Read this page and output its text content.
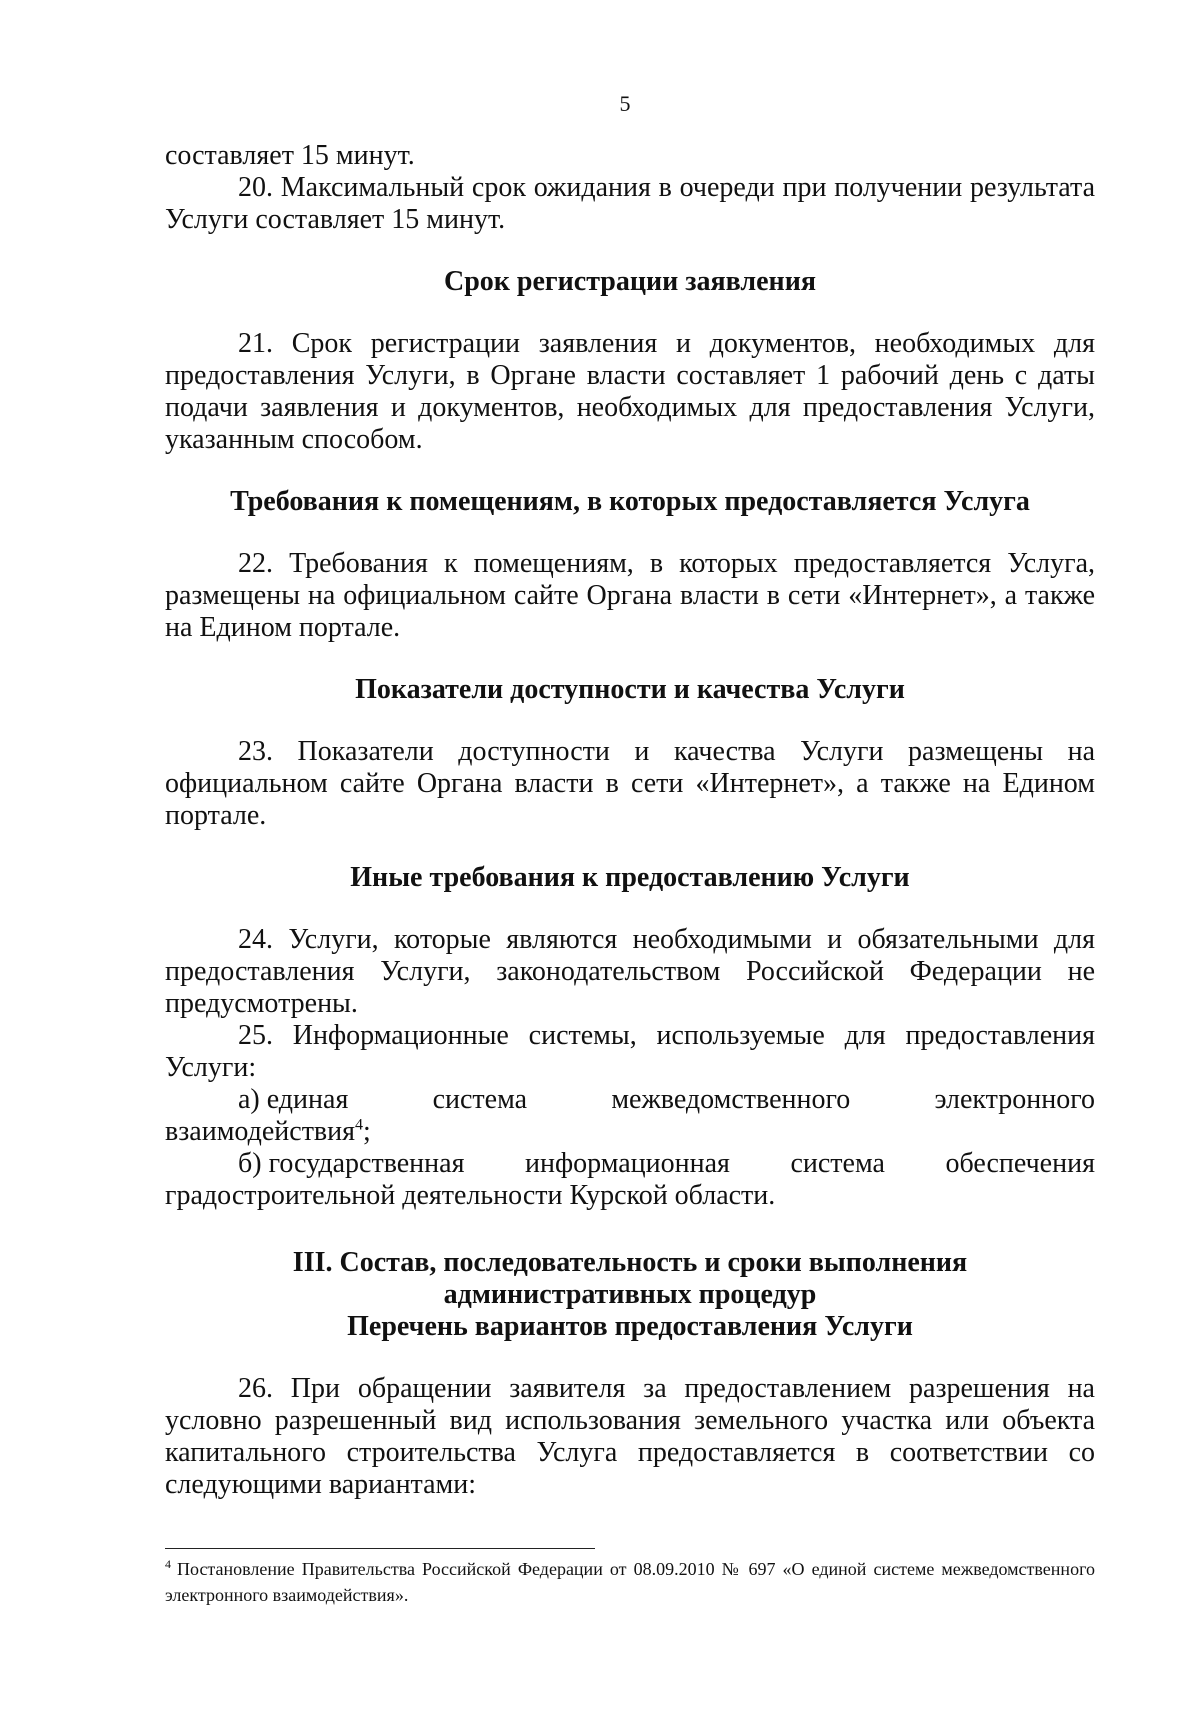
5

составляет 15 минут.

20. Максимальный срок ожидания в очереди при получении результата Услуги составляет 15 минут.

Срок регистрации заявления

21. Срок регистрации заявления и документов, необходимых для предоставления Услуги, в Органе власти составляет 1 рабочий день с даты подачи заявления и документов, необходимых для предоставления Услуги, указанным способом.

Требования к помещениям, в которых предоставляется Услуга

22. Требования к помещениям, в которых предоставляется Услуга, размещены на официальном сайте Органа власти в сети «Интернет», а также на Едином портале.

Показатели доступности и качества Услуги

23. Показатели доступности и качества Услуги размещены на официальном сайте Органа власти в сети «Интернет», а также на Едином портале.

Иные требования к предоставлению Услуги

24. Услуги, которые являются необходимыми и обязательными для предоставления Услуги, законодательством Российской Федерации не предусмотрены.

25. Информационные системы, используемые для предоставления Услуги:

а) единая	система	межведомственного	электронного

взаимодействия$^4$;

б) государственная информационная система обеспечения

градостроительной деятельности Курской области.

III. Состав, последовательность и сроки выполнения
административных процедур
Перечень вариантов предоставления Услуги

26. При обращении заявителя за предоставлением разрешения на условно разрешенный вид использования земельного участка или объекта капитального строительства Услуга предоставляется в соответствии со следующими вариантами:

$^4$ Постановление Правительства Российской Федерации от 08.09.2010 № 697 «О единой системе межведомственного электронного взаимодействия».
